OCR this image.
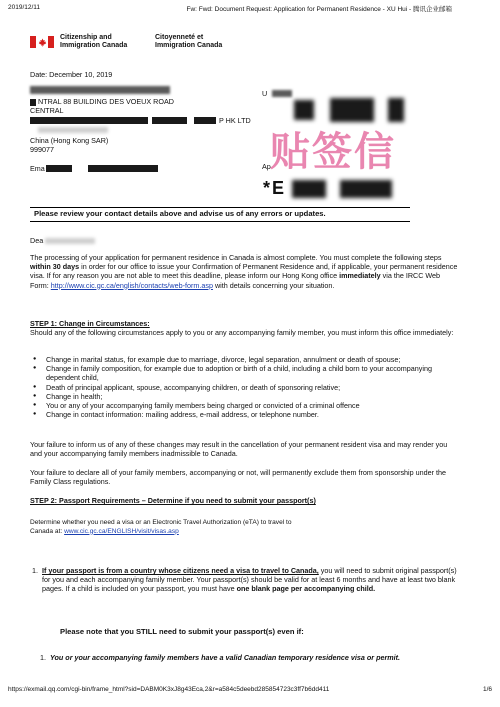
2019/12/11	Fw: Fwd: Document Request: Application for Permanent Residence - XU Hui - 腾讯企业邮箱
Citizenship and
Immigration Canada
Citoyenneté et
Immigration Canada
Date: December 10, 2019
NTRAL 88 BUILDING DES VOEUX ROAD
CENTRAL
P HK LTD
China (Hong Kong SAR)
999077
Ema
U
贴签信
Ap
*E
Please review your contact details above and advise us of any errors or updates.
Dea
The processing of your application for permanent residence in Canada is almost complete. You must complete the following steps within 30 days in order for our office to issue your Confirmation of Permanent Residence and, if applicable, your permanent residence visa. If for any reason you are not able to meet this deadline, please inform our Hong Kong office immediately via the IRCC Web Form: http://www.cic.gc.ca/english/contacts/web-form.asp with details concerning your situation.
STEP 1: Change in Circumstances:
Should any of the following circumstances apply to you or any accompanying family member, you must inform this office immediately:
● Change in marital status, for example due to marriage, divorce, legal separation, annulment or death of spouse;
● Change in family composition, for example due to adoption or birth of a child, including a child born to your accompanying dependent child,
● Death of principal applicant, spouse, accompanying children, or death of sponsoring relative;
● Change in health;
● You or any of your accompanying family members being charged or convicted of a criminal offence
● Change in contact information: mailing address, e-mail address, or telephone number.
Your failure to inform us of any of these changes may result in the cancellation of your permanent resident visa and may render you and your accompanying family members inadmissible to Canada.
Your failure to declare all of your family members, accompanying or not, will permanently exclude them from sponsorship under the Family Class regulations.
STEP 2: Passport Requirements – Determine if you need to submit your passport(s)
Determine whether you need a visa or an Electronic Travel Authorization (eTA) to travel to
Canada at: www.cic.gc.ca/ENGLISH/visit/visas.asp
1. If your passport is from a country whose citizens need a visa to travel to Canada, you will need to submit original passport(s) for you and each accompanying family member. Your passport(s) should be valid for at least 6 months and have at least two blank pages. If a child is included on your passport, you must have one blank page per accompanying child.
Please note that you STILL need to submit your passport(s) even if:
1. You or your accompanying family members have a valid Canadian temporary residence visa or permit.
https://exmail.qq.com/cgi-bin/frame_html?sid=DABM0K3xJ8g43Eca,2&r=a584c5deebd285854723c3ff7b6dd411	1/6
